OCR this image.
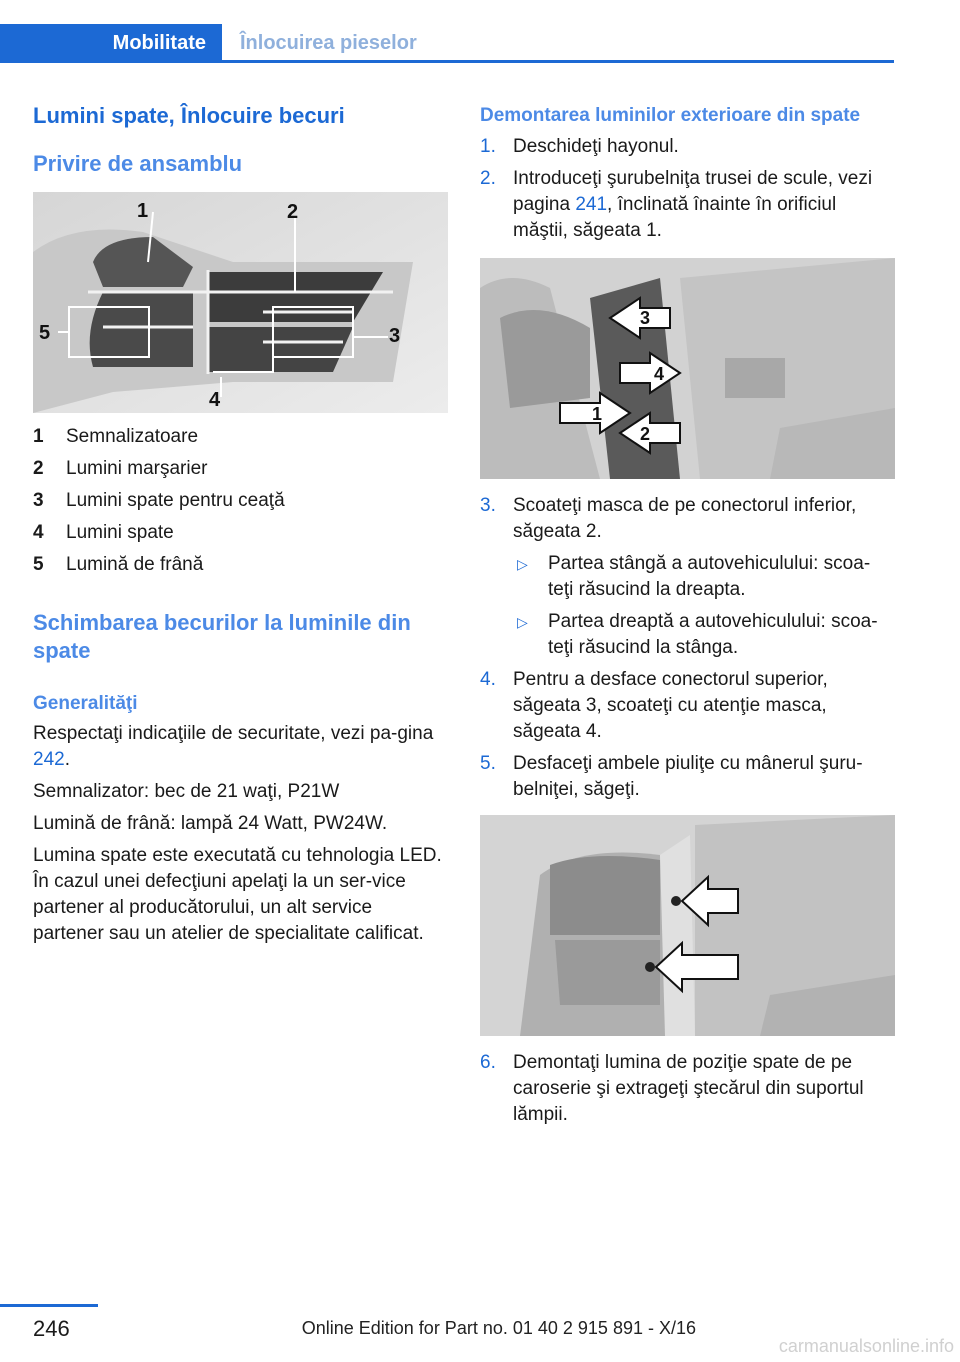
Mobilitate	Înlocuirea pieselor
Lumini spate, Înlocuire becuri
Privire de ansamblu
1	2
3
4
5
1 Semnalizatoare
2 Lumini marşarier
3 Lumini spate pentru ceaţă
4 Lumini spate
5 Lumină de frână
Schimbarea becurilor la luminile din spate
Generalităţi

Respectaţi indicaţiile de securitate, vezi pa‐gina 242.

Semnalizator: bec de 21 waţi, P21W

Lumină de frână: lampă 24 Watt, PW24W.

Lumina spate este executată cu tehnologia LED. În cazul unei defecţiuni apelaţi la un ser‐vice partener al producătorului, un alt service partener sau un atelier de specialitate calificat.

Demontarea luminilor exterioare din spate
1. Deschideţi hayonul.
2. Introduceţi şurubelniţa trusei de scule, vezi pagina 241, înclinată înainte în orificiul măştii, săgeata 1.
3
4
1
2
3. Scoateţi masca de pe conectorul inferior, săgeata 2.
▷ Partea stângă a autovehiculului: scoa‐teţi răsucind la dreapta.
▷ Partea dreaptă a autovehiculului: scoa‐teţi răsucind la stânga.
4. Pentru a desface conectorul superior, săgeata 3, scoateţi cu atenţie masca, săgeata 4.
5. Desfaceţi ambele piuliţe cu mânerul şuru‐belniţei, săgeţi.
6. Demontaţi lumina de poziţie spate de pe caroserie şi extrageţi ştecărul din suportul lămpii.
246	Online Edition for Part no. 01 40 2 915 891 - X/16
carmanualsonline.info
